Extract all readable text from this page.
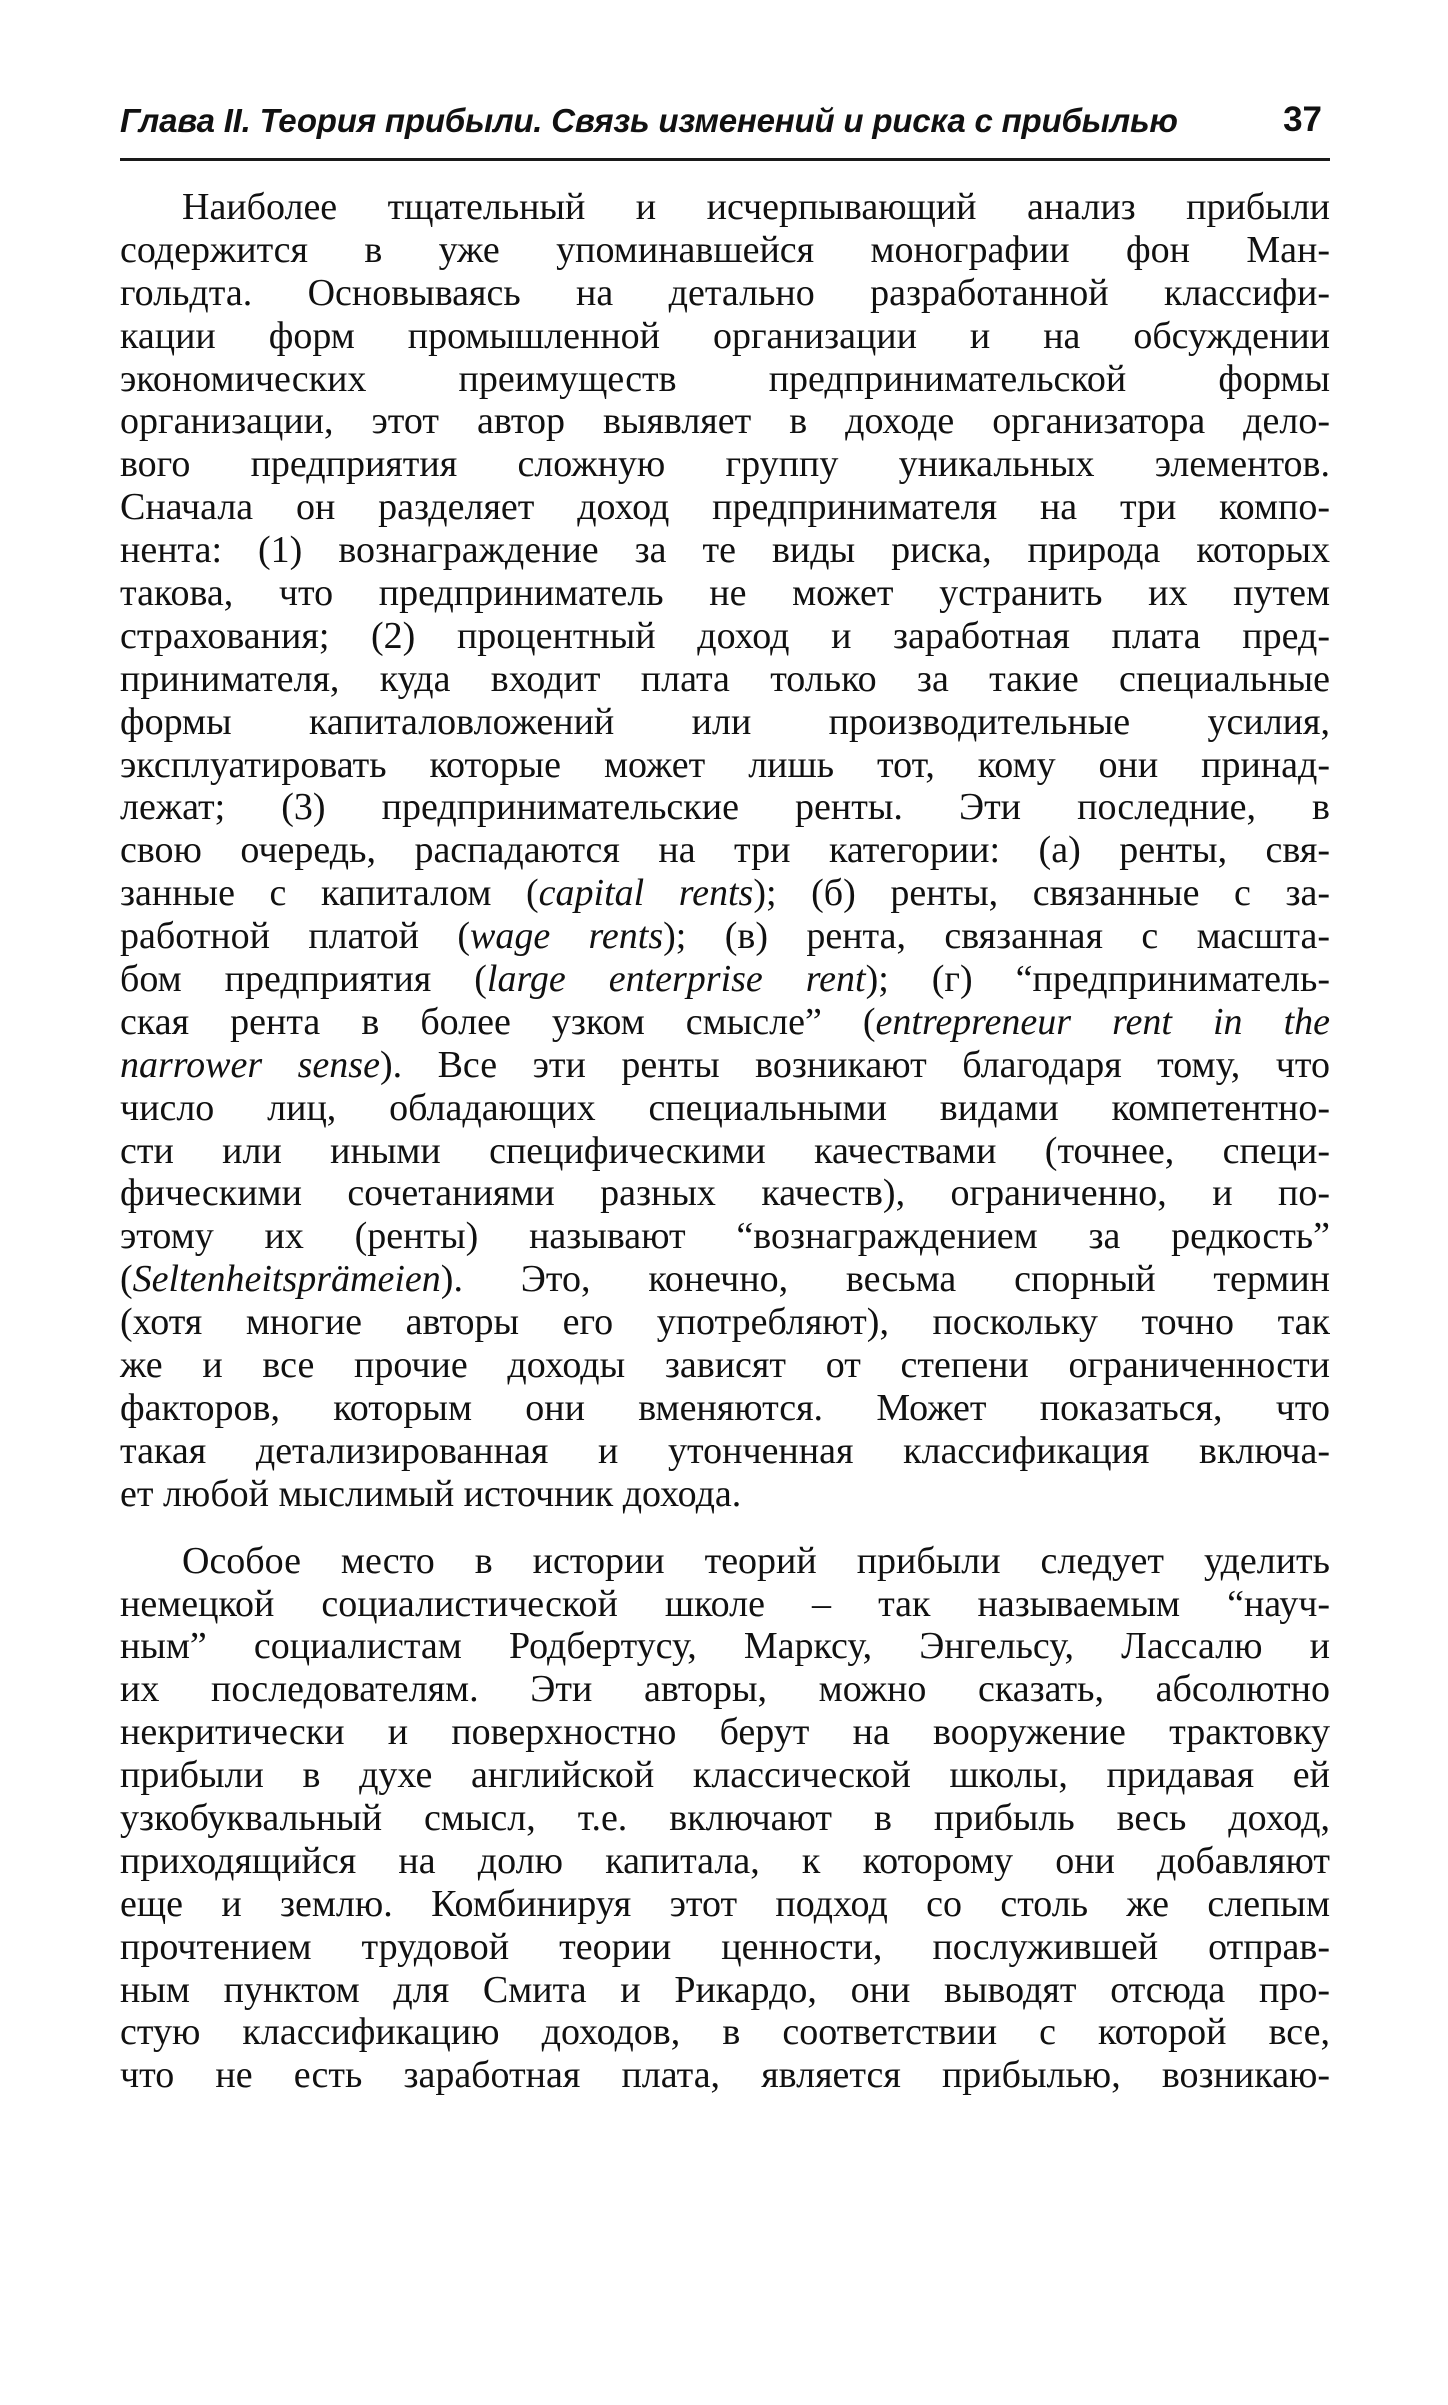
Глава II. Теория прибыли. Связь изменений и риска с прибылью	37
Наиболее тщательный и исчерпывающий анализ прибыли
содержится в уже упоминавшейся монографии фон Ман-
гольдта. Основываясь на детально разработанной классифи-
кации форм промышленной организации и на обсуждении
экономических преимуществ предпринимательской формы
организации, этот автор выявляет в доходе организатора дело-
вого предприятия сложную группу уникальных элементов.
Сначала он разделяет доход предпринимателя на три компо-
нента: (1) вознаграждение за те виды риска, природа которых
такова, что предприниматель не может устранить их путем
страхования; (2) процентный доход и заработная плата пред-
принимателя, куда входит плата только за такие специальные
формы капиталовложений или производительные усилия,
эксплуатировать которые может лишь тот, кому они принад-
лежат; (3) предпринимательские ренты. Эти последние, в
свою очередь, распадаются на три категории: (а) ренты, свя-
занные с капиталом (capital rents); (б) ренты, связанные с за-
работной платой (wage rents); (в) рента, связанная с масшта-
бом предприятия (large enterprise rent); (г) “предприниматель-
ская рента в более узком смысле” (entrepreneur rent in the
narrower sense). Все эти ренты возникают благодаря тому, что
число лиц, обладающих специальными видами компетентно-
сти или иными специфическими качествами (точнее, специ-
фическими сочетаниями разных качеств), ограниченно, и по-
этому их (ренты) называют “вознаграждением за редкость”
(Seltenheitsprämeien). Это, конечно, весьма спорный термин
(хотя многие авторы его употребляют), поскольку точно так
же и все прочие доходы зависят от степени ограниченности
факторов, которым они вменяются. Может показаться, что
такая детализированная и утонченная классификация включа-
ет любой мыслимый источник дохода.
Особое место в истории теорий прибыли следует уделить
немецкой социалистической школе – так называемым “науч-
ным” социалистам Родбертусу, Марксу, Энгельсу, Лассалю и
их последователям. Эти авторы, можно сказать, абсолютно
некритически и поверхностно берут на вооружение трактовку
прибыли в духе английской классической школы, придавая ей
узкобуквальный смысл, т.е. включают в прибыль весь доход,
приходящийся на долю капитала, к которому они добавляют
еще и землю. Комбинируя этот подход со столь же слепым
прочтением трудовой теории ценности, послужившей отправ-
ным пунктом для Смита и Рикардо, они выводят отсюда про-
стую классификацию доходов, в соответствии с которой все,
что не есть заработная плата, является прибылью, возникаю-
